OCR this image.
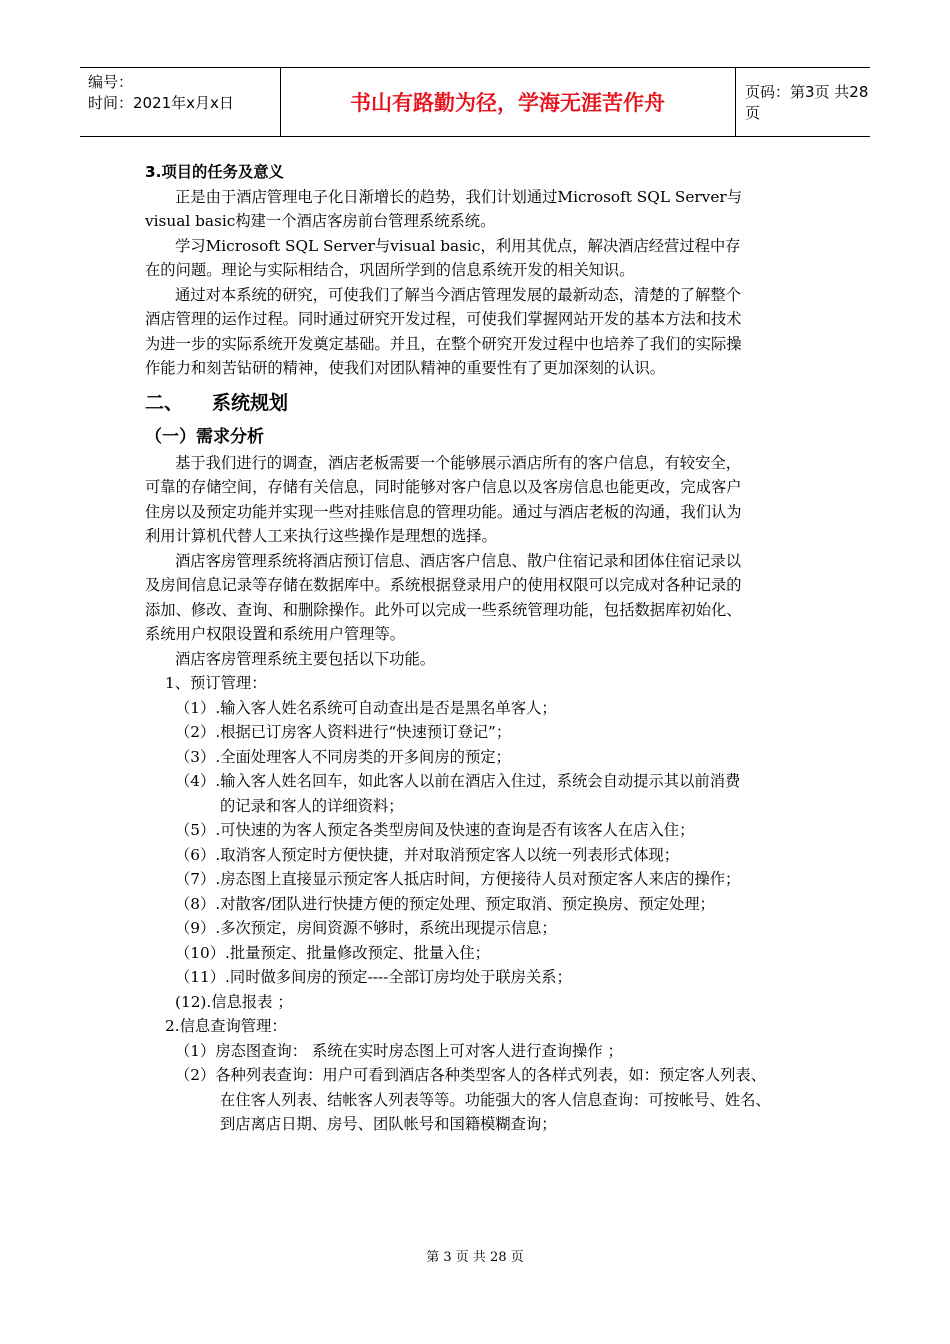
编号：
时间：2021年x月x日	书山有路勤为径，学海无涯苦作舟	页码：第3页 共28页
3.项目的任务及意义
正是由于酒店管理电子化日渐增长的趋势，我们计划通过Microsoft SQL Server与
visual basic构建一个酒店客房前台管理系统系统。
学习Microsoft SQL Server与visual basic，利用其优点，解决酒店经营过程中存
在的问题。理论与实际相结合，巩固所学到的信息系统开发的相关知识。
通过对本系统的研究，可使我们了解当今酒店管理发展的最新动态，清楚的了解整个
酒店管理的运作过程。同时通过研究开发过程，可使我们掌握网站开发的基本方法和技术
为进一步的实际系统开发奠定基础。并且，在整个研究开发过程中也培养了我们的实际操
作能力和刻苦钻研的精神，使我们对团队精神的重要性有了更加深刻的认识。
二、 系统规划
（一）需求分析
基于我们进行的调查，酒店老板需要一个能够展示酒店所有的客户信息，有较安全，
可靠的存储空间，存储有关信息，同时能够对客户信息以及客房信息也能更改，完成客户
住房以及预定功能并实现一些对挂账信息的管理功能。通过与酒店老板的沟通，我们认为
利用计算机代替人工来执行这些操作是理想的选择。
酒店客房管理系统将酒店预订信息、酒店客户信息、散户住宿记录和团体住宿记录以
及房间信息记录等存储在数据库中。系统根据登录用户的使用权限可以完成对各种记录的
添加、修改、查询、和删除操作。此外可以完成一些系统管理功能，包括数据库初始化、
系统用户权限设置和系统用户管理等。
酒店客房管理系统主要包括以下功能。
1、预订管理：
（1）.输入客人姓名系统可自动查出是否是黑名单客人；
（2）.根据已订房客人资料进行“快速预订登记”；
（3）.全面处理客人不同房类的开多间房的预定；
（4）.输入客人姓名回车，如此客人以前在酒店入住过，系统会自动提示其以前消费
的记录和客人的详细资料；
（5）.可快速的为客人预定各类型房间及快速的查询是否有该客人在店入住；
（6）.取消客人预定时方便快捷，并对取消预定客人以统一列表形式体现；
（7）.房态图上直接显示预定客人抵店时间，方便接待人员对预定客人来店的操作；
（8）.对散客/团队进行快捷方便的预定处理、预定取消、预定换房、预定处理；
（9）.多次预定，房间资源不够时，系统出现提示信息；
（10）.批量预定、批量修改预定、批量入住；
（11）.同时做多间房的预定----全部订房均处于联房关系；
(12).信息报表 ；
2.信息查询管理：
（1）房态图查询： 系统在实时房态图上可对客人进行查询操作 ；
（2）各种列表查询：用户可看到酒店各种类型客人的各样式列表，如：预定客人列表、
在住客人列表、结帐客人列表等等。功能强大的客人信息查询：可按帐号、姓名、
到店离店日期、房号、团队帐号和国籍模糊查询；
第 3 页 共 28 页
